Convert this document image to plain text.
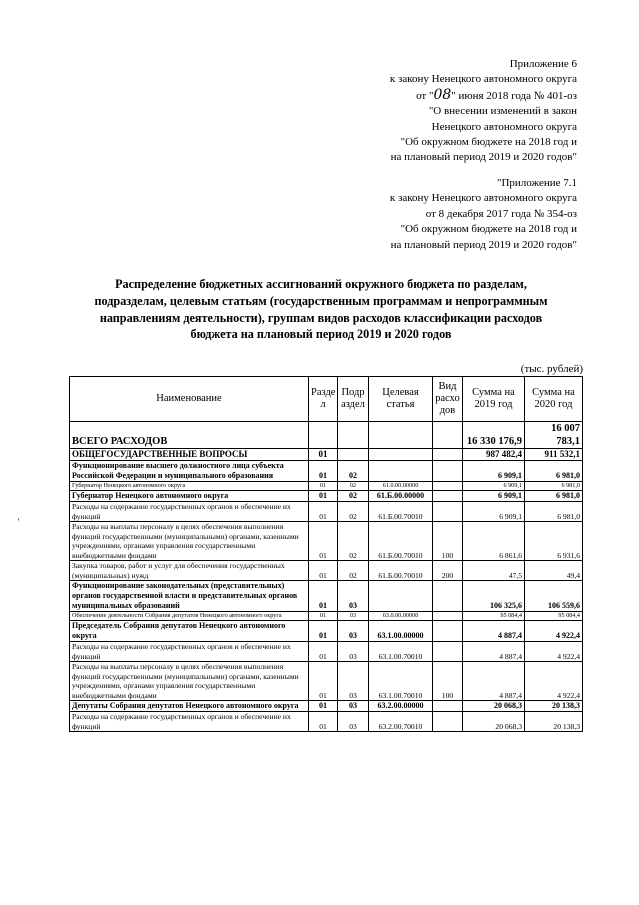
Приложение 6
к закону Ненецкого автономного округа
от "08" июня 2018 года № 401-оз
"О внесении изменений в закон
Ненецкого автономного округа
"Об окружном бюджете на 2018 год и
на плановый период 2019 и 2020 годов"
"Приложение 7.1
к закону Ненецкого автономного округа
от 8 декабря 2017 года № 354-оз
"Об окружном бюджете на 2018 год и
на плановый период 2019 и 2020 годов"
Распределение бюджетных ассигнований окружного бюджета по разделам,
подразделам, целевым статьям (государственным программам и непрограммным
направлениям деятельности), группам видов расходов классификации расходов
бюджета на плановый период 2019 и 2020 годов
‘
(тыс. рублей)
Наименование	Разде л	Подр аздел	Целевая статья	Вид расхо дов	Сумма на 2019 год	Сумма на 2020 год
ВСЕГО РАСХОДОВ					16 330 176,9	16 007 783,1
ОБЩЕГОСУДАРСТВЕННЫЕ ВОПРОСЫ	01				987 482,4	911 532,1
Функционирование высшего должностного лица субъекта Российской Федерации и муниципального образования	01	02			6 909,1	6 981,0
Губернатор Ненецкого автономного округа	01	02	61.0.00.00000		6 909,1	6 981,0
Губернатор Ненецкого автономного округа	01	02	61.Б.00.00000		6 909,1	6 981,0
Расходы на содержание государственных органов и обеспечение их функций	01	02	61.Б.00.70010		6 909,1	6 981,0
Расходы на выплаты персоналу в целях обеспечения выполнения функций государственными (муниципальными) органами, казенными учреждениями, органами управления государственными внебюджетными фондами	01	02	61.Б.00.70010	100	6 861,6	6 931,6
Закупка товаров, работ и услуг для обеспечения государственных (муниципальных) нужд	01	02	61.Б.00.70010	200	47,5	49,4
Функционирование законодательных (представительных) органов государственной власти и представительных органов муниципальных образований	01	03			106 325,6	106 559,6
Обеспечение деятельности Собрания депутатов Ненецкого автономного округа	01	03	63.0.00.00000		95 084,4	95 084,4
Председатель Собрания депутатов Ненецкого автономного округа	01	03	63.1.00.00000		4 887,4	4 922,4
Расходы на содержание государственных органов и обеспечение их функций	01	03	63.1.00.70010		4 887,4	4 922,4
Расходы на выплаты персоналу в целях обеспечения выполнения функций государственными (муниципальными) органами, казенными учреждениями, органами управления государственными внебюджетными фондами	01	03	63.1.00.70010	100	4 887,4	4 922,4
Депутаты Собрания депутатов Ненецкого автономного округа	01	03	63.2.00.00000		20 068,3	20 138,3
Расходы на содержание государственных органов и обеспечение их функций	01	03	63.2.00.70010		20 068,3	20 138,3
